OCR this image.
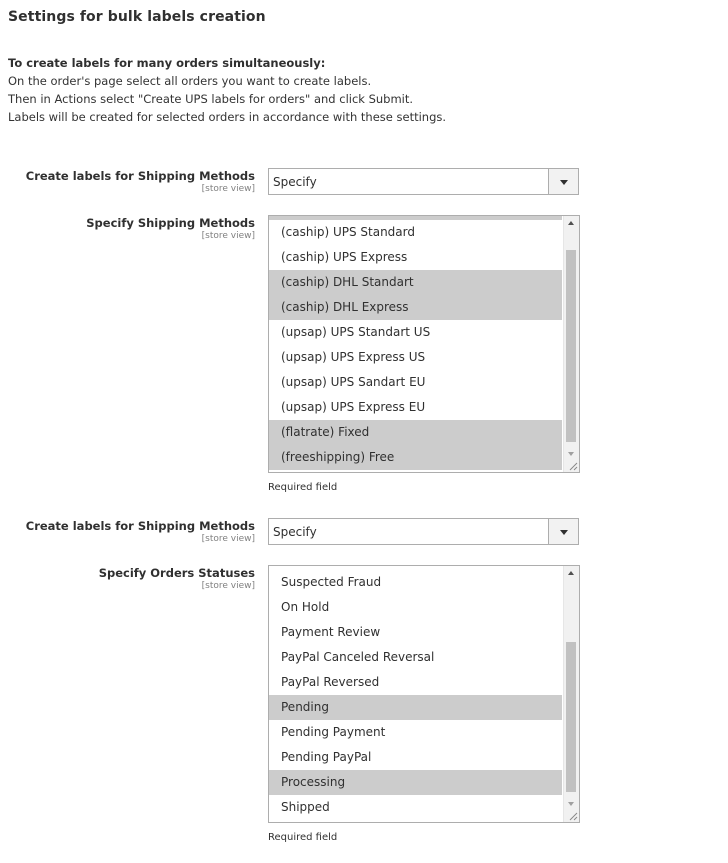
Settings for bulk labels creation
To create labels for many orders simultaneously:
On the order's page select all orders you want to create labels.
Then in Actions select "Create UPS labels for orders" and click Submit.
Labels will be created for selected orders in accordance with these settings.
Create labels for Shipping Methods
[store view] Specify
Specify Shipping Methods
[store view]	(caship) UPS Standard
(caship) UPS Express
(caship) DHL Standart
(caship) DHL Express
(upsap) UPS Standart US
(upsap) UPS Express US
(upsap) UPS Sandart EU
(upsap) UPS Express EU
(flatrate) Fixed
(freeshipping) Free
Required field
Create labels for Shipping Methods
[store view] Specify
Specify Orders Statuses
[store view]	Suspected Fraud
On Hold
Payment Review
PayPal Canceled Reversal
PayPal Reversed
Pending
Pending Payment
Pending PayPal
Processing
Shipped
Required field
